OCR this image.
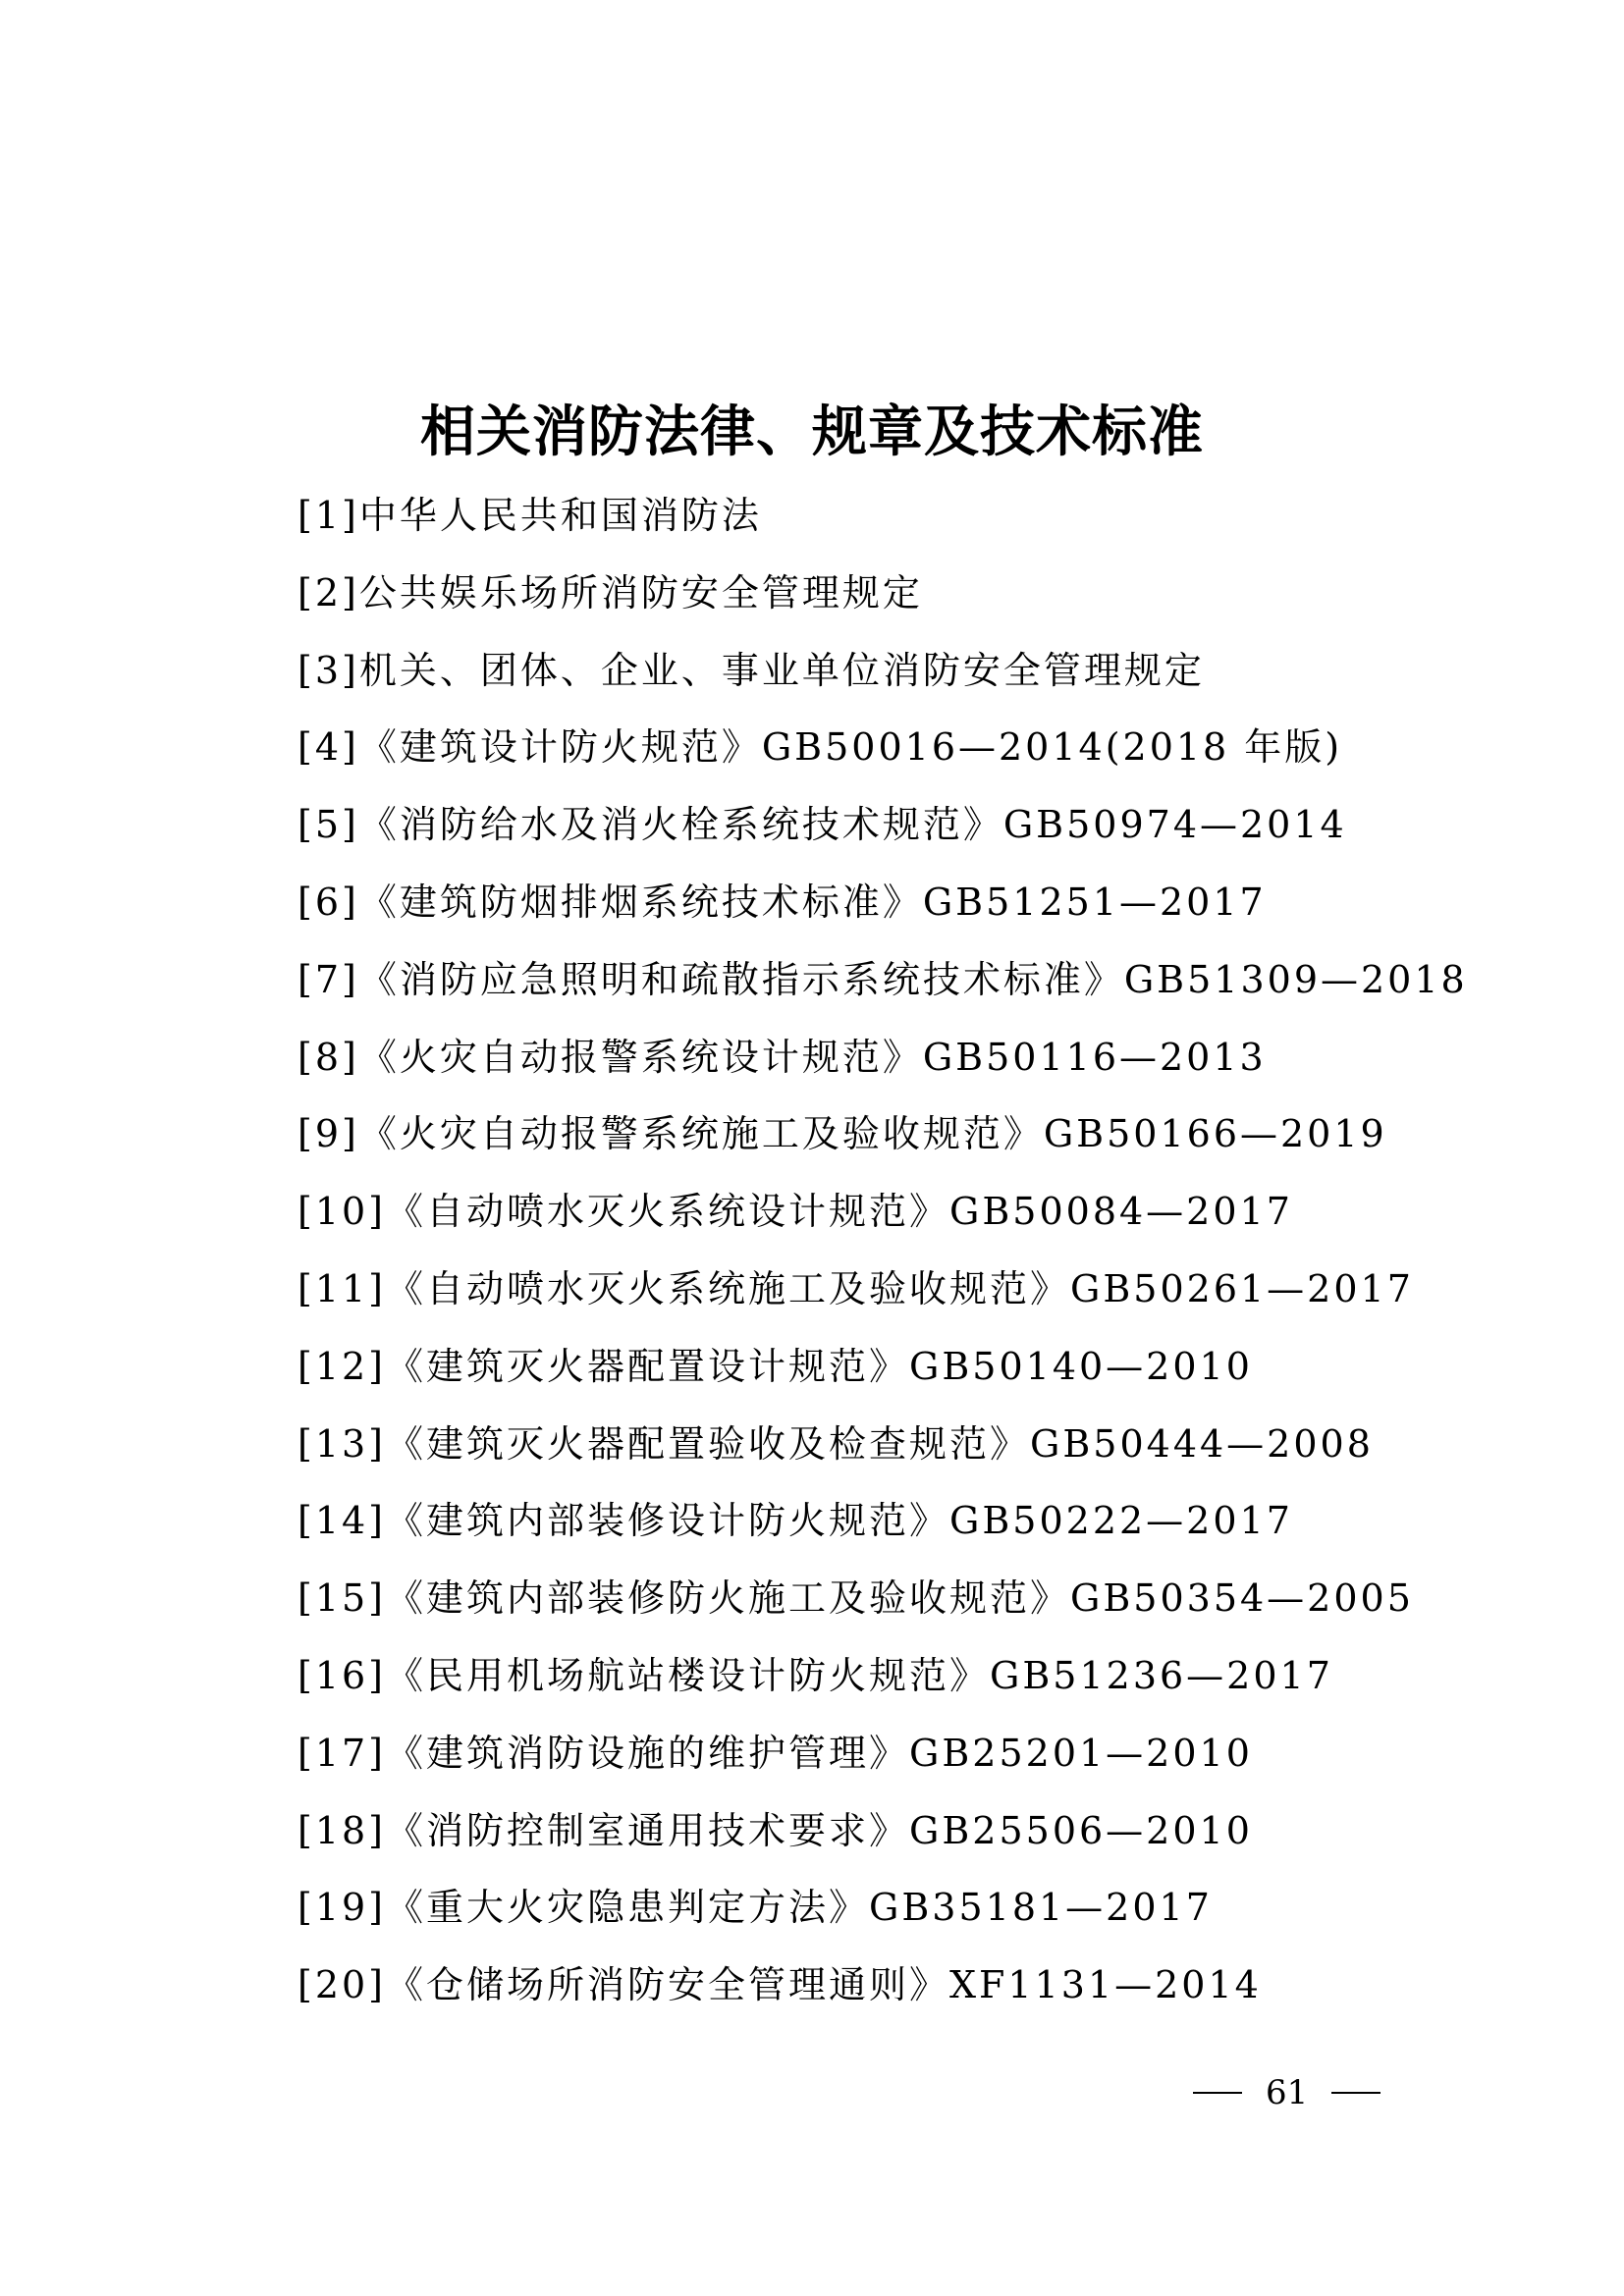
相关消防法律、规章及技术标准
[1]中华人民共和国消防法
[2]公共娱乐场所消防安全管理规定
[3]机关、团体、企业、事业单位消防安全管理规定
[4]《建筑设计防火规范》GB50016—2014(2018 年版)
[5]《消防给水及消火栓系统技术规范》GB50974—2014
[6]《建筑防烟排烟系统技术标准》GB51251—2017
[7]《消防应急照明和疏散指示系统技术标准》GB51309—2018
[8]《火灾自动报警系统设计规范》GB50116—2013
[9]《火灾自动报警系统施工及验收规范》GB50166—2019
[10]《自动喷水灭火系统设计规范》GB50084—2017
[11]《自动喷水灭火系统施工及验收规范》GB50261—2017
[12]《建筑灭火器配置设计规范》GB50140—2010
[13]《建筑灭火器配置验收及检查规范》GB50444—2008
[14]《建筑内部装修设计防火规范》GB50222—2017
[15]《建筑内部装修防火施工及验收规范》GB50354—2005
[16]《民用机场航站楼设计防火规范》GB51236—2017
[17]《建筑消防设施的维护管理》GB25201—2010
[18]《消防控制室通用技术要求》GB25506—2010
[19]《重大火灾隐患判定方法》GB35181—2017
[20]《仓储场所消防安全管理通则》XF1131—2014
61
